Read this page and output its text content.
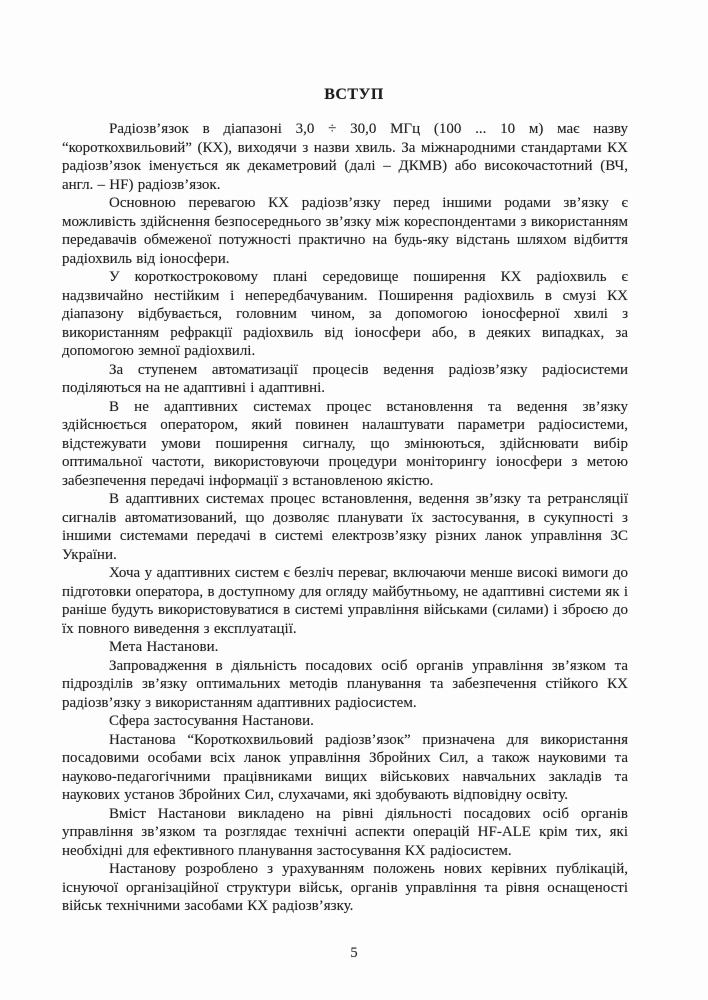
ВСТУП

Радіозв’язок в діапазоні 3,0 ÷ 30,0 МГц (100 ... 10 м) має назву “короткохвильовий” (КХ), виходячи з назви хвиль. За міжнародними стандартами КХ радіозв’язок іменується як декаметровий (далі – ДКМВ) або високочастотний (ВЧ, англ. – HF) радіозв’язок.

Основною перевагою КХ радіозв’язку перед іншими родами зв’язку є можливість здійснення безпосереднього зв’язку між кореспондентами з використанням передавачів обмеженої потужності практично на будь-яку відстань шляхом відбиття радіохвиль від іоносфери.

У короткостроковому плані середовище поширення КХ радіохвиль є надзвичайно нестійким і непередбачуваним. Поширення радіохвиль в смузі КХ діапазону відбувається, головним чином, за допомогою іоносферної хвилі з використанням рефракції радіохвиль від іоносфери або, в деяких випадках, за допомогою земної радіохвилі.

За ступенем автоматизації процесів ведення радіозв’язку радіосистеми поділяються на не адаптивні і адаптивні.

В не адаптивних системах процес встановлення та ведення зв’язку здійснюється оператором, який повинен налаштувати параметри радіосистеми, відстежувати умови поширення сигналу, що змінюються, здійснювати вибір оптимальної частоти, використовуючи процедури моніторингу іоносфери з метою забезпечення передачі інформації з встановленою якістю.

В адаптивних системах процес встановлення, ведення зв’язку та ретрансляції сигналів автоматизований, що дозволяє планувати їх застосування, в сукупності з іншими системами передачі в системі електрозв’язку різних ланок управління ЗС України.

Хоча у адаптивних систем є безліч переваг, включаючи менше високі вимоги до підготовки оператора, в доступному для огляду майбутньому, не адаптивні системи як і раніше будуть використовуватися в системі управління військами (силами) і зброєю до їх повного виведення з експлуатації.

Мета Настанови.

Запровадження в діяльність посадових осіб органів управління зв’язком та підрозділів зв’язку оптимальних методів планування та забезпечення стійкого КХ радіозв’язку з використанням адаптивних радіосистем.

Сфера застосування Настанови.

Настанова “Короткохвильовий радіозв’язок” призначена для використання посадовими особами всіх ланок управління Збройних Сил, а також науковими та науково-педагогічними працівниками вищих військових навчальних закладів та наукових установ Збройних Сил, слухачами, які здобувають відповідну освіту.

Вміст Настанови викладено на рівні діяльності посадових осіб органів управління зв’язком та розглядає технічні аспекти операцій HF-ALE крім тих, які необхідні для ефективного планування застосування КХ радіосистем.

Настанову розроблено з урахуванням положень нових керівних публікацій, існуючої організаційної структури військ, органів управління та рівня оснащеності військ технічними засобами КХ радіозв’язку.

5
